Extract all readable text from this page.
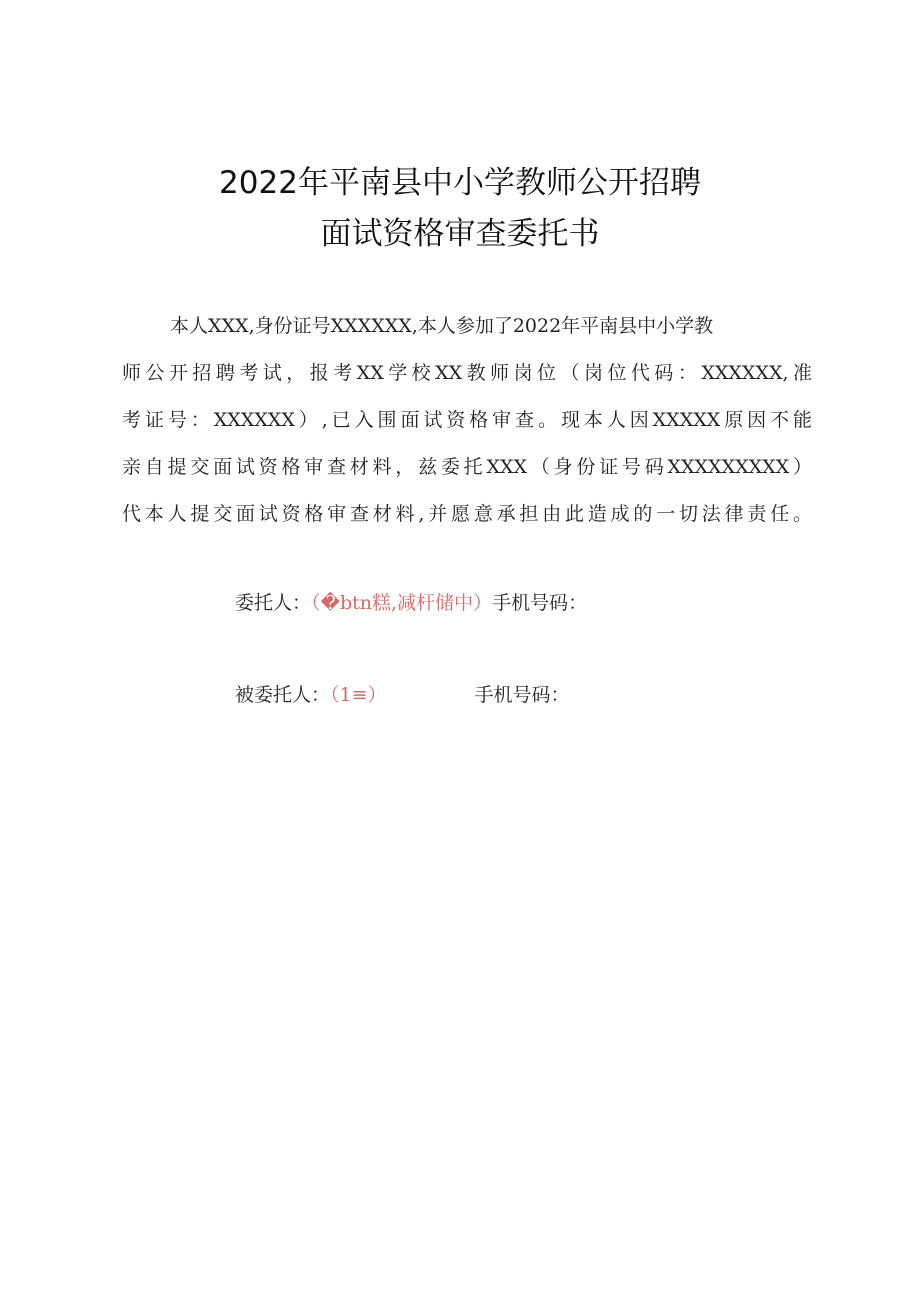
2022年平南县中小学教师公开招聘
面试资格审查委托书
本人XXX,身份证号XXXXXX,本人参加了2022年平南县中小学教
师公开招聘考试，报考XX学校XX教师岗位（岗位代码：XXXXXX,准
考证号：XXXXXX）,已入围面试资格审查。现本人因XXXXX原因不能
亲自提交面试资格审查材料，兹委托XXX（身份证号码XXXXXXXXX）
代本人提交面试资格审查材料,并愿意承担由此造成的一切法律责任。
委托人：（�btn糕,减杆储中）手机号码：
被委托人：（1≡）	手机号码：
